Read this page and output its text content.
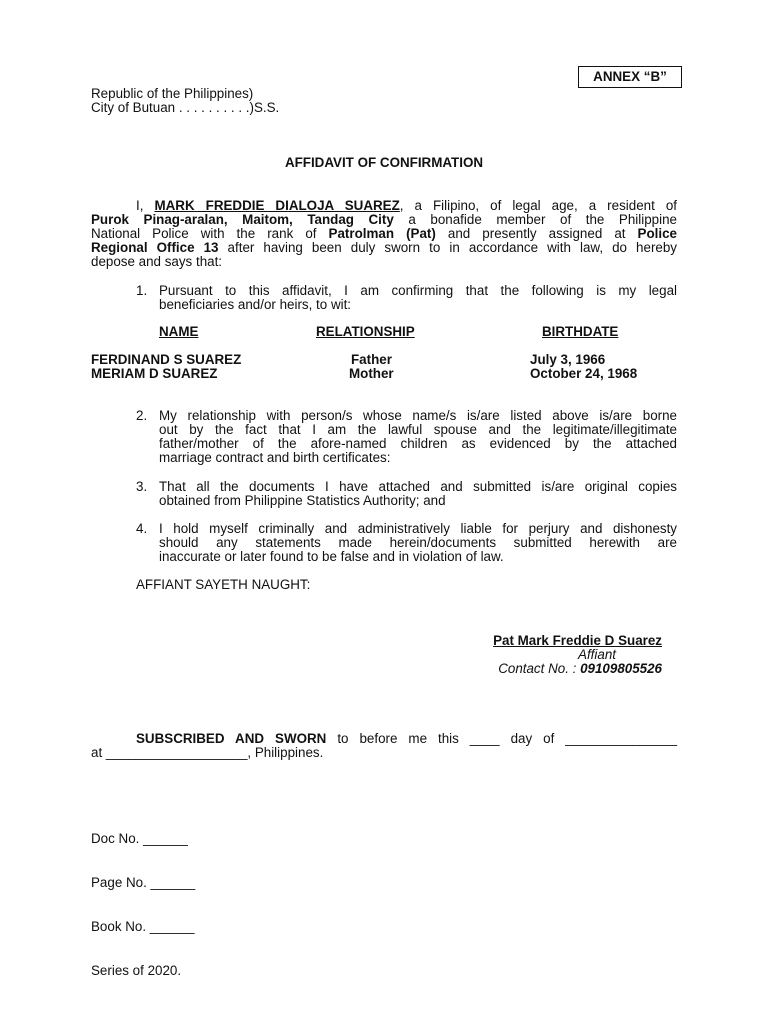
ANNEX “B”
Republic of the Philippines)
City of Butuan . . . . . . . . . .)S.S.
AFFIDAVIT OF CONFIRMATION
I, MARK FREDDIE DIALOJA SUAREZ, a Filipino, of legal age, a resident of
Purok Pinag-aralan, Maitom, Tandag City a bonafide member of the Philippine
National Police with the rank of Patrolman (Pat) and presently assigned at Police
Regional Office 13 after having been duly sworn to in accordance with law, do hereby
depose and says that:
1. Pursuant to this affidavit, I am confirming that the following is my legal
beneficiaries and/or heirs, to wit:
NAME	RELATIONSHIP	BIRTHDATE
FERDINAND S SUAREZ	Father	July 3, 1966
MERIAM D SUAREZ	Mother	October 24, 1968
2. My relationship with person/s whose name/s is/are listed above is/are borne
out by the fact that I am the lawful spouse and the legitimate/illegitimate
father/mother of the afore-named children as evidenced by the attached
marriage contract and birth certificates:
3. That all the documents I have attached and submitted is/are original copies
obtained from Philippine Statistics Authority; and
4. I hold myself criminally and administratively liable for perjury and dishonesty
should any statements made herein/documents submitted herewith are
inaccurate or later found to be false and in violation of law.
AFFIANT SAYETH NAUGHT:
Pat Mark Freddie D Suarez
Affiant
Contact No. : 09109805526
SUBSCRIBED AND SWORN to before me this ____ day of _______________
at ___________________, Philippines.

Doc No. ______

Page No. ______

Book No. ______

Series of 2020.
